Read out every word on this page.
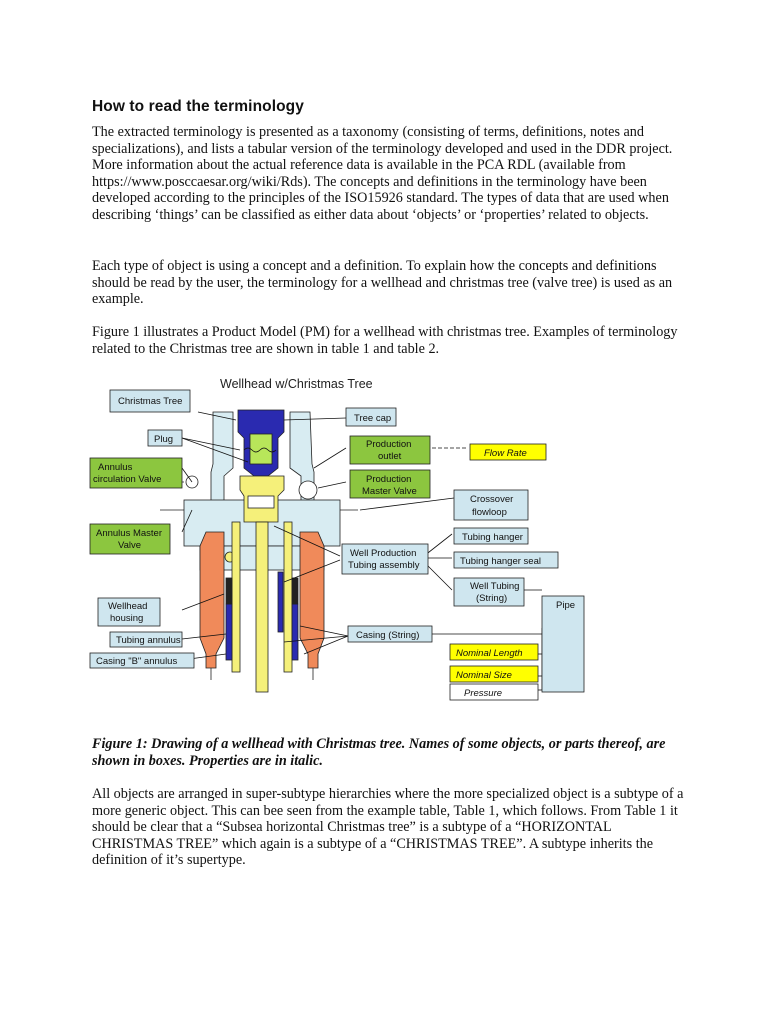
How to read the terminology

The extracted terminology is presented as a taxonomy (consisting of terms, definitions, notes and specializations), and lists a tabular version of the terminology developed and used in the DDR project. More information about the actual reference data is available in the PCA RDL (available from https://www.posccaesar.org/wiki/Rds). The concepts and definitions in the terminology have been developed according to the principles of the ISO15926 standard. The types of data that are used when describing ‘things’ can be classified as either data about ‘objects’ or ‘properties’ related to objects.

Each type of object is using a concept and a definition. To explain how the concepts and definitions should be read by the user, the terminology for a wellhead and christmas tree (valve tree) is used as an example.

Figure 1 illustrates a Product Model (PM) for a wellhead with christmas tree. Examples of terminology related to the Christmas tree are shown in table 1 and table 2.

Wellhead w/Christmas Tree
Christmas Tree
Plug
Annulus
circulation Valve
Annulus Master
Valve
Wellhead
housing
Tubing annulus
Casing "B" annulus
Tree cap
Production
outlet	Flow Rate
Production
Master Valve
Crossover
flowloop
Well Production
Tubing assembly
Tubing hanger
Tubing hanger seal
Well Tubing
(String)
Pipe
Casing (String)
Nominal Length
Nominal Size
Pressure

Figure 1: Drawing of a wellhead with Christmas tree. Names of some objects, or parts thereof, are shown in boxes. Properties are in italic.

All objects are arranged in super-subtype hierarchies where the more specialized object is a subtype of a more generic object. This can bee seen from the example table, Table 1, which follows. From Table 1 it should be clear that a “Subsea horizontal Christmas tree” is a subtype of a “HORIZONTAL CHRISTMAS TREE” which again is a subtype of a “CHRISTMAS TREE”. A subtype inherits the definition of it’s supertype.
